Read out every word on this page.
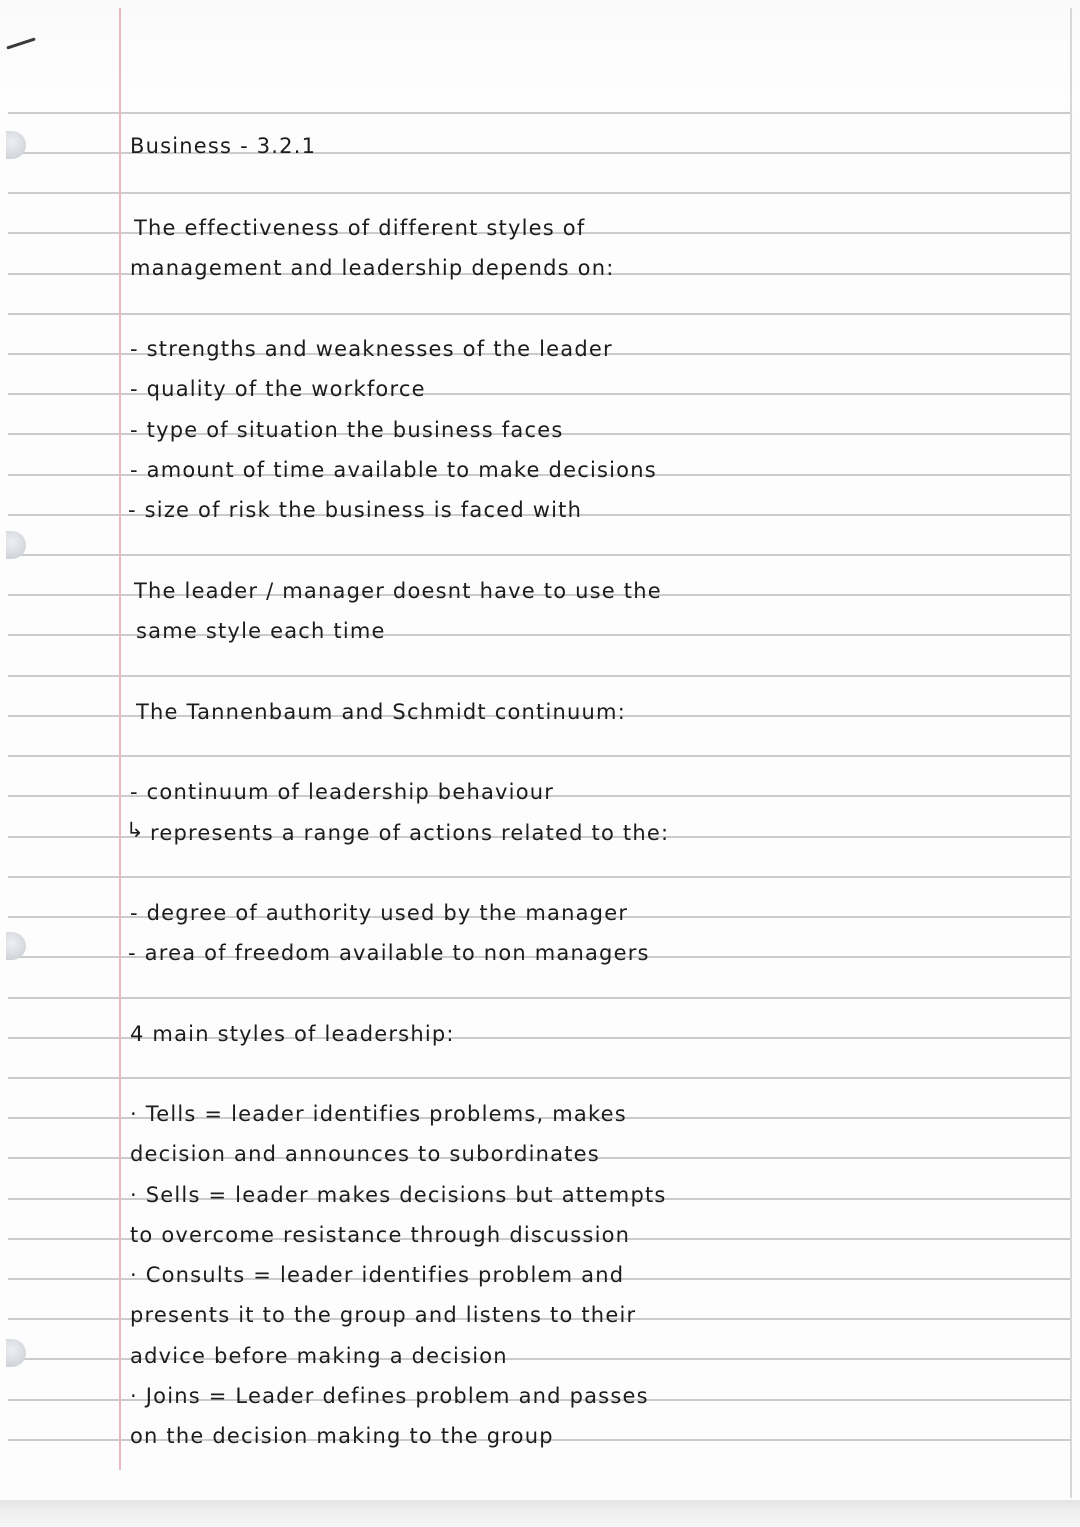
Business - 3.2.1
The effectiveness of different styles of
management and leadership depends on:
- strengths and weaknesses of the leader
- quality of the workforce
- type of situation the business faces
- amount of time available to make decisions
- size of risk the business is faced with
The leader / manager doesnt have to use the
same style each time
The Tannenbaum and Schmidt continuum:
- continuum of leadership behaviour
↳ represents a range of actions related to the:
- degree of authority used by the manager
- area of freedom available to non managers
4 main styles of leadership:
· Tells = leader identifies problems, makes
decision and announces to subordinates
· Sells = leader makes decisions but attempts
to overcome resistance through discussion
· Consults = leader identifies problem and
presents it to the group and listens to their
advice before making a decision
· Joins = Leader defines problem and passes
on the decision making to the group
